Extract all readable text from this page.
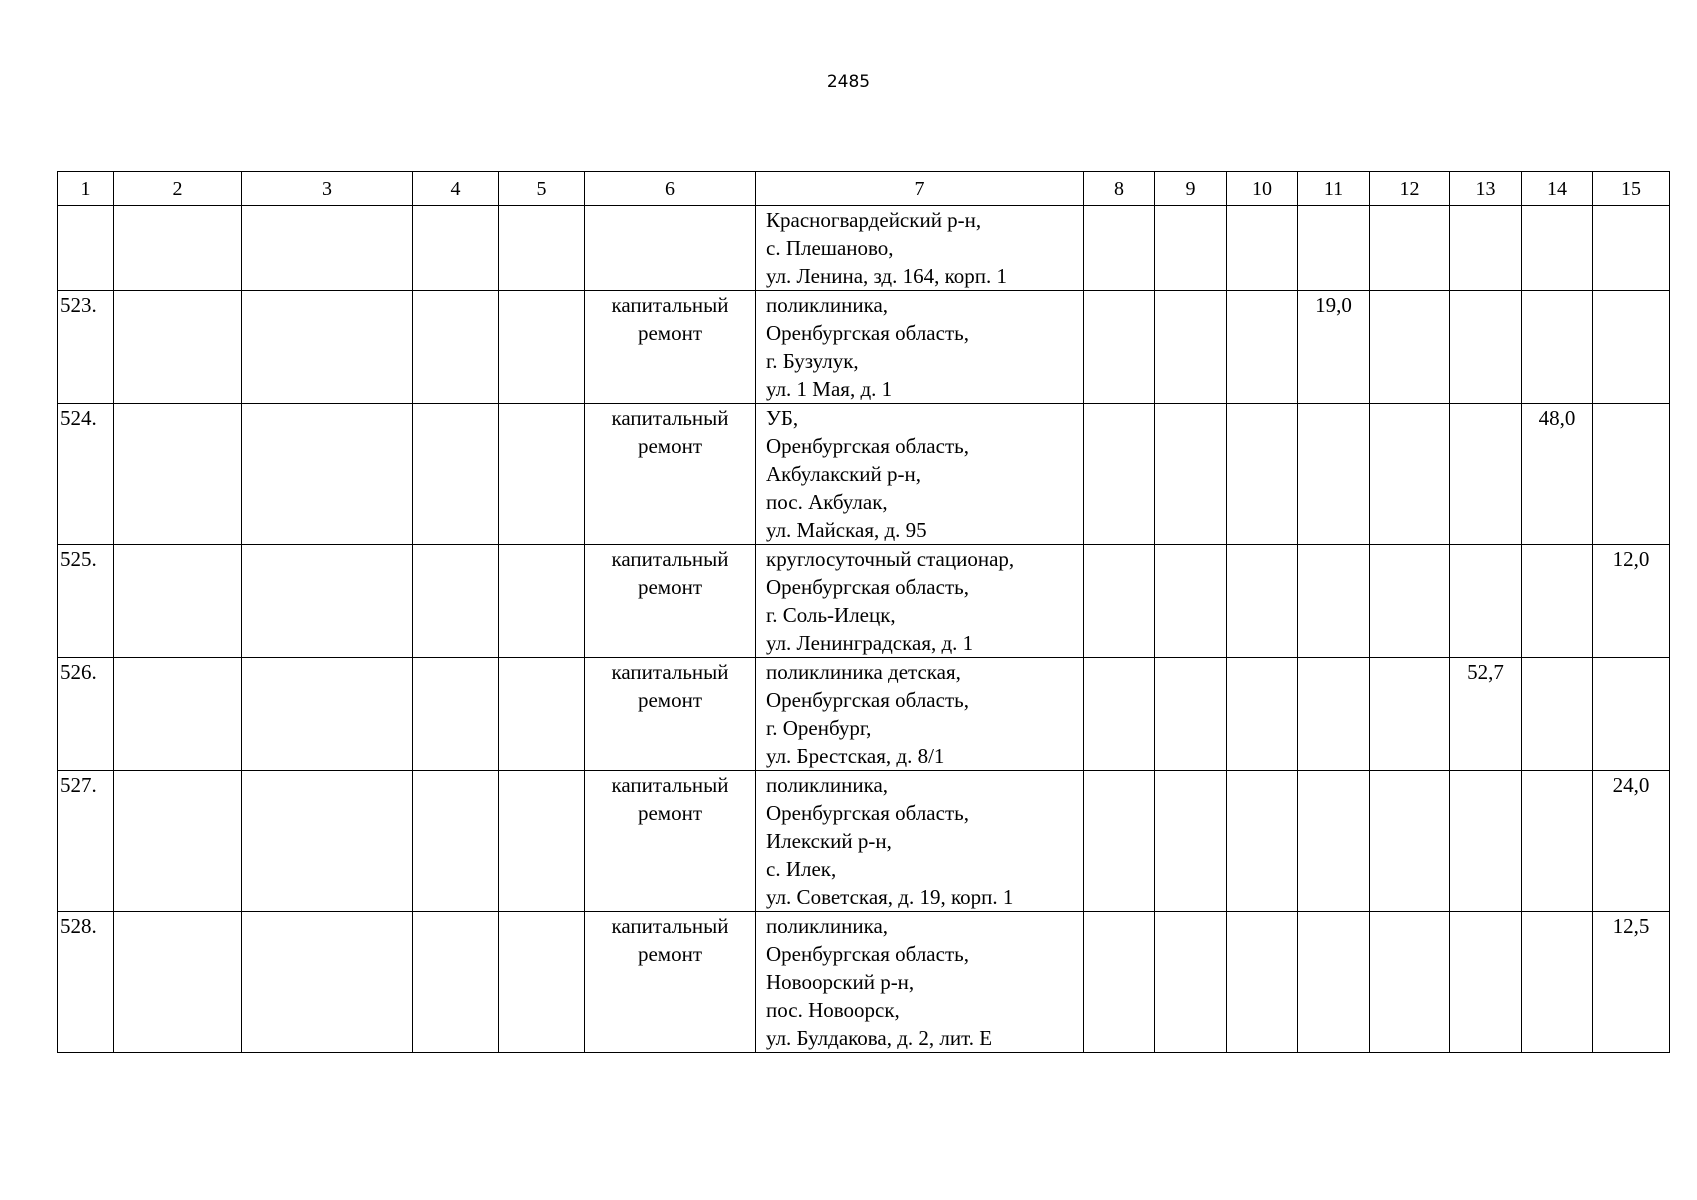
2485
1	2	3	4	5	6	7	8	9	10	11	12	13	14	15

						Красногвардейский р-н,
с. Плешаново,
ул. Ленина, зд. 164, корп. 1								

523.					капитальный
ремонт	поликлиника,
Оренбургская область,
г. Бузулук,
ул. 1 Мая, д. 1				19,0				

524.					капитальный
ремонт	УБ,
Оренбургская область,
Акбулакский р-н,
пос. Акбулак,
ул. Майская, д. 95							48,0	

525.					капитальный
ремонт	круглосуточный стационар,
Оренбургская область,
г. Соль-Илецк,
ул. Ленинградская, д. 1								12,0

526.					капитальный
ремонт	поликлиника детская,
Оренбургская область,
г. Оренбург,
ул. Брестская, д. 8/1						52,7		

527.					капитальный
ремонт	поликлиника,
Оренбургская область,
Илекский р-н,
с. Илек,
ул. Советская, д. 19, корп. 1								24,0

528.					капитальный
ремонт	поликлиника,
Оренбургская область,
Новоорский р-н,
пос. Новоорск,
ул. Булдакова, д. 2, лит. Е								12,5
